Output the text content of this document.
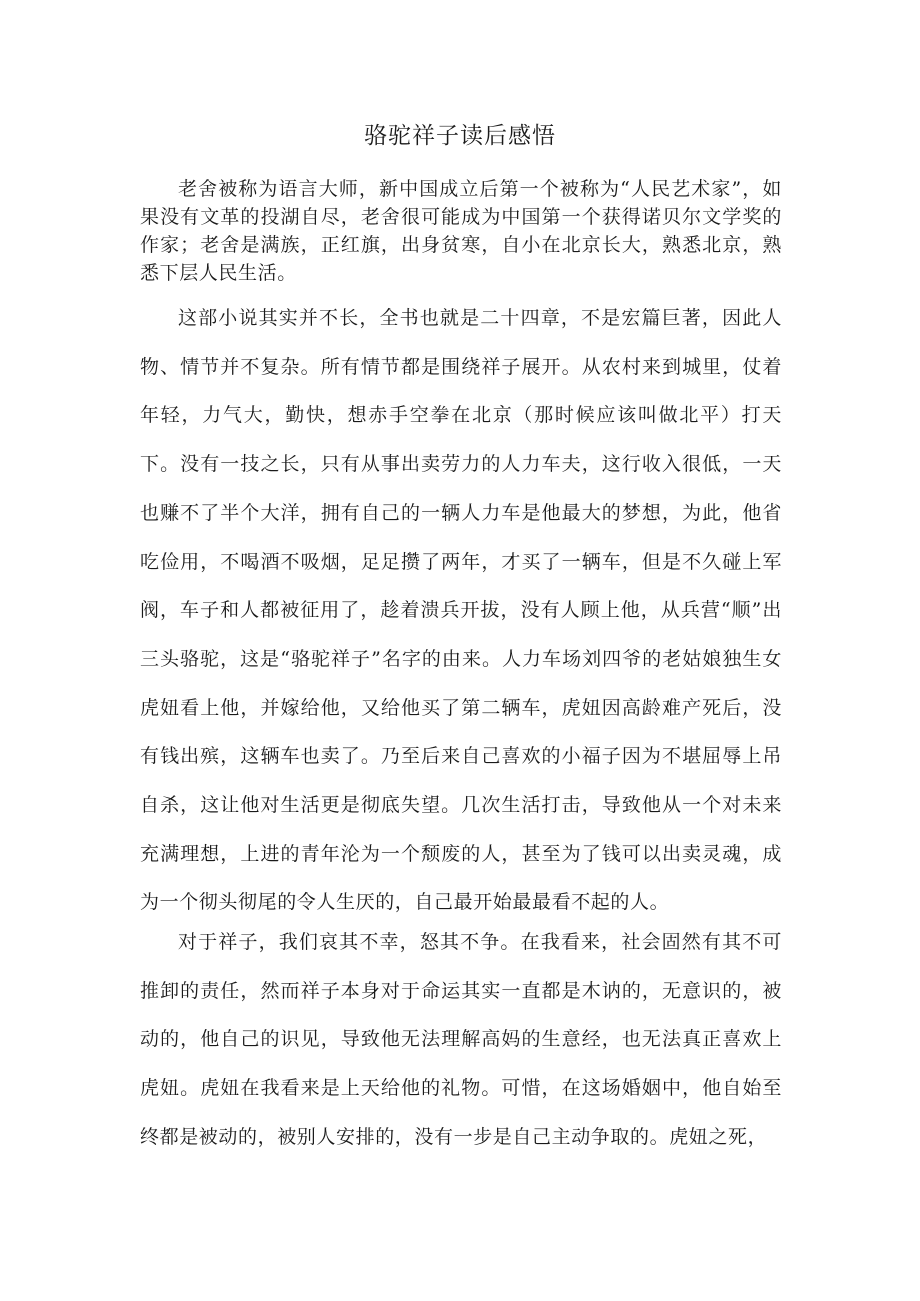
骆驼祥子读后感悟

老舍被称为语言大师，新中国成立后第一个被称为“人民艺术家”，如果没有文革的投湖自尽，老舍很可能成为中国第一个获得诺贝尔文学奖的作家；老舍是满族，正红旗，出身贫寒，自小在北京长大，熟悉北京，熟悉下层人民生活。

这部小说其实并不长，全书也就是二十四章，不是宏篇巨著，因此人物、情节并不复杂。所有情节都是围绕祥子展开。从农村来到城里，仗着年轻，力气大，勤快，想赤手空拳在北京（那时候应该叫做北平）打天下。没有一技之长，只有从事出卖劳力的人力车夫，这行收入很低，一天也赚不了半个大洋，拥有自己的一辆人力车是他最大的梦想，为此，他省吃俭用，不喝酒不吸烟，足足攒了两年，才买了一辆车，但是不久碰上军阀，车子和人都被征用了，趁着溃兵开拔，没有人顾上他，从兵营“顺”出三头骆驼，这是“骆驼祥子”名字的由来。人力车场刘四爷的老姑娘独生女虎妞看上他，并嫁给他，又给他买了第二辆车，虎妞因高龄难产死后，没有钱出殡，这辆车也卖了。乃至后来自己喜欢的小福子因为不堪屈辱上吊自杀，这让他对生活更是彻底失望。几次生活打击，导致他从一个对未来充满理想，上进的青年沦为一个颓废的人，甚至为了钱可以出卖灵魂，成为一个彻头彻尾的令人生厌的，自己最开始最最看不起的人。

对于祥子，我们哀其不幸，怒其不争。在我看来，社会固然有其不可推卸的责任，然而祥子本身对于命运其实一直都是木讷的，无意识的，被动的，他自己的识见，导致他无法理解高妈的生意经，也无法真正喜欢上虎妞。虎妞在我看来是上天给他的礼物。可惜，在这场婚姻中，他自始至终都是被动的，被别人安排的，没有一步是自己主动争取的。虎妞之死，
